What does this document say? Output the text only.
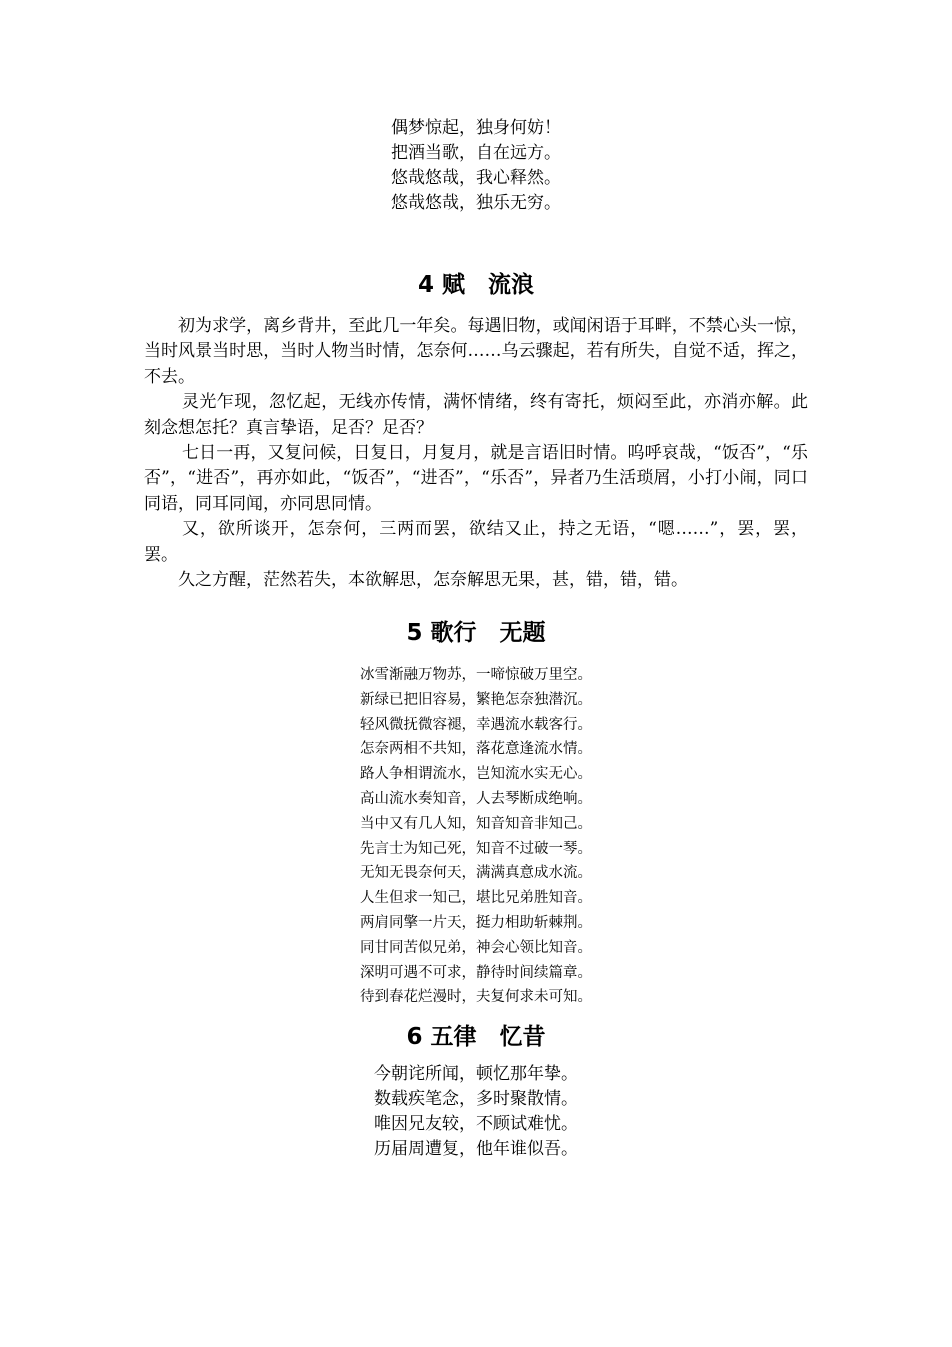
偶梦惊起，独身何妨！
把酒当歌，自在远方。
悠哉悠哉，我心释然。
悠哉悠哉，独乐无穷。
4 赋　流浪

初为求学，离乡背井，至此几一年矣。每遇旧物，或闻闲语于耳畔，不禁心头一惊，当时风景当时思，当时人物当时情，怎奈何……乌云骤起，若有所失，自觉不适，挥之，不去。

灵光乍现，忽忆起，无线亦传情，满怀情绪，终有寄托，烦闷至此，亦消亦解。此刻念想怎托？真言挚语，足否？足否？

七日一再，又复问候，日复日，月复月，就是言语旧时情。呜呼哀哉，“饭否”，“乐否”，“进否”，再亦如此，“饭否”，“进否”，“乐否”，异者乃生活琐屑，小打小闹，同口同语，同耳同闻，亦同思同情。

又，欲所谈开，怎奈何，三两而罢，欲结又止，持之无语，“嗯……”，罢，罢，罢。

久之方醒，茫然若失，本欲解思，怎奈解思无果，甚，错，错，错。

5 歌行　无题
冰雪渐融万物苏，一啼惊破万里空。
新绿已把旧容易，繁艳怎奈独潜沉。
轻风微抚微容褪，幸遇流水载客行。
怎奈两相不共知，落花意逢流水情。
路人争相谓流水，岂知流水实无心。
高山流水奏知音，人去琴断成绝响。
当中又有几人知，知音知音非知己。
先言士为知己死，知音不过破一琴。
无知无畏奈何天，满满真意成水流。
人生但求一知己，堪比兄弟胜知音。
两肩同擎一片天，挺力相助斩棘荆。
同甘同苦似兄弟，神会心领比知音。
深明可遇不可求，静待时间续篇章。
待到春花烂漫时，夫复何求未可知。
6 五律　忆昔
今朝诧所闻，顿忆那年挚。
数载疾笔念，多时聚散情。
唯因兄友较，不顾试难忧。
历届周遭复，他年谁似吾。
